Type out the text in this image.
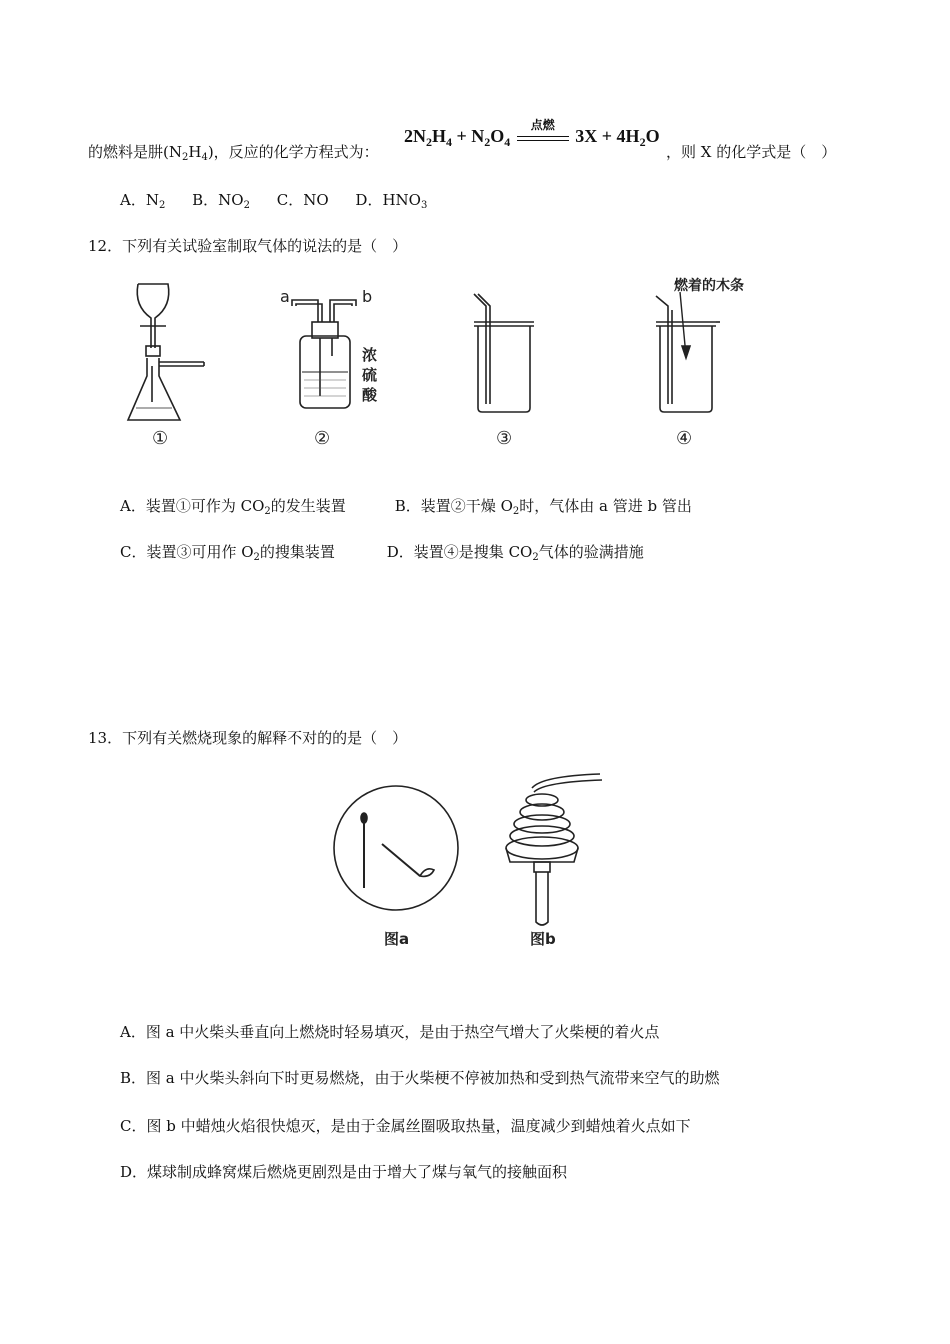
的燃料是肼$(N_2H_4)$，反应的化学方程式为：
$2N_2H_4 + N_2O_4$
点燃
$3X + 4H_2O$
，则 X 的化学式是（　）
A．$N_2$ B．$NO_2$ C．NO D．$HNO_3$
12．下列有关试验室制取气体的说法的是（　）
a	b
浓
硫
酸
燃着的木条
①	②	③	④
A．装置①可作为 $CO_2$的发生装置	B．装置②干燥 $O_2$时，气体由 a 管进 b 管出
C．装置③可用作 $O_2$的搜集装置	D．装置④是搜集 $CO_2$气体的验满措施
13．下列有关燃烧现象的解释不对的的是（　）
图a	图b
A．图 a 中火柴头垂直向上燃烧时轻易填灭，是由于热空气增大了火柴梗的着火点
B．图 a 中火柴头斜向下时更易燃烧，由于火柴梗不停被加热和受到热气流带来空气的助燃
C．图 b 中蜡烛火焰很快熄灭，是由于金属丝圈吸取热量，温度减少到蜡烛着火点如下
D．煤球制成蜂窝煤后燃烧更剧烈是由于增大了煤与氧气的接触面积
